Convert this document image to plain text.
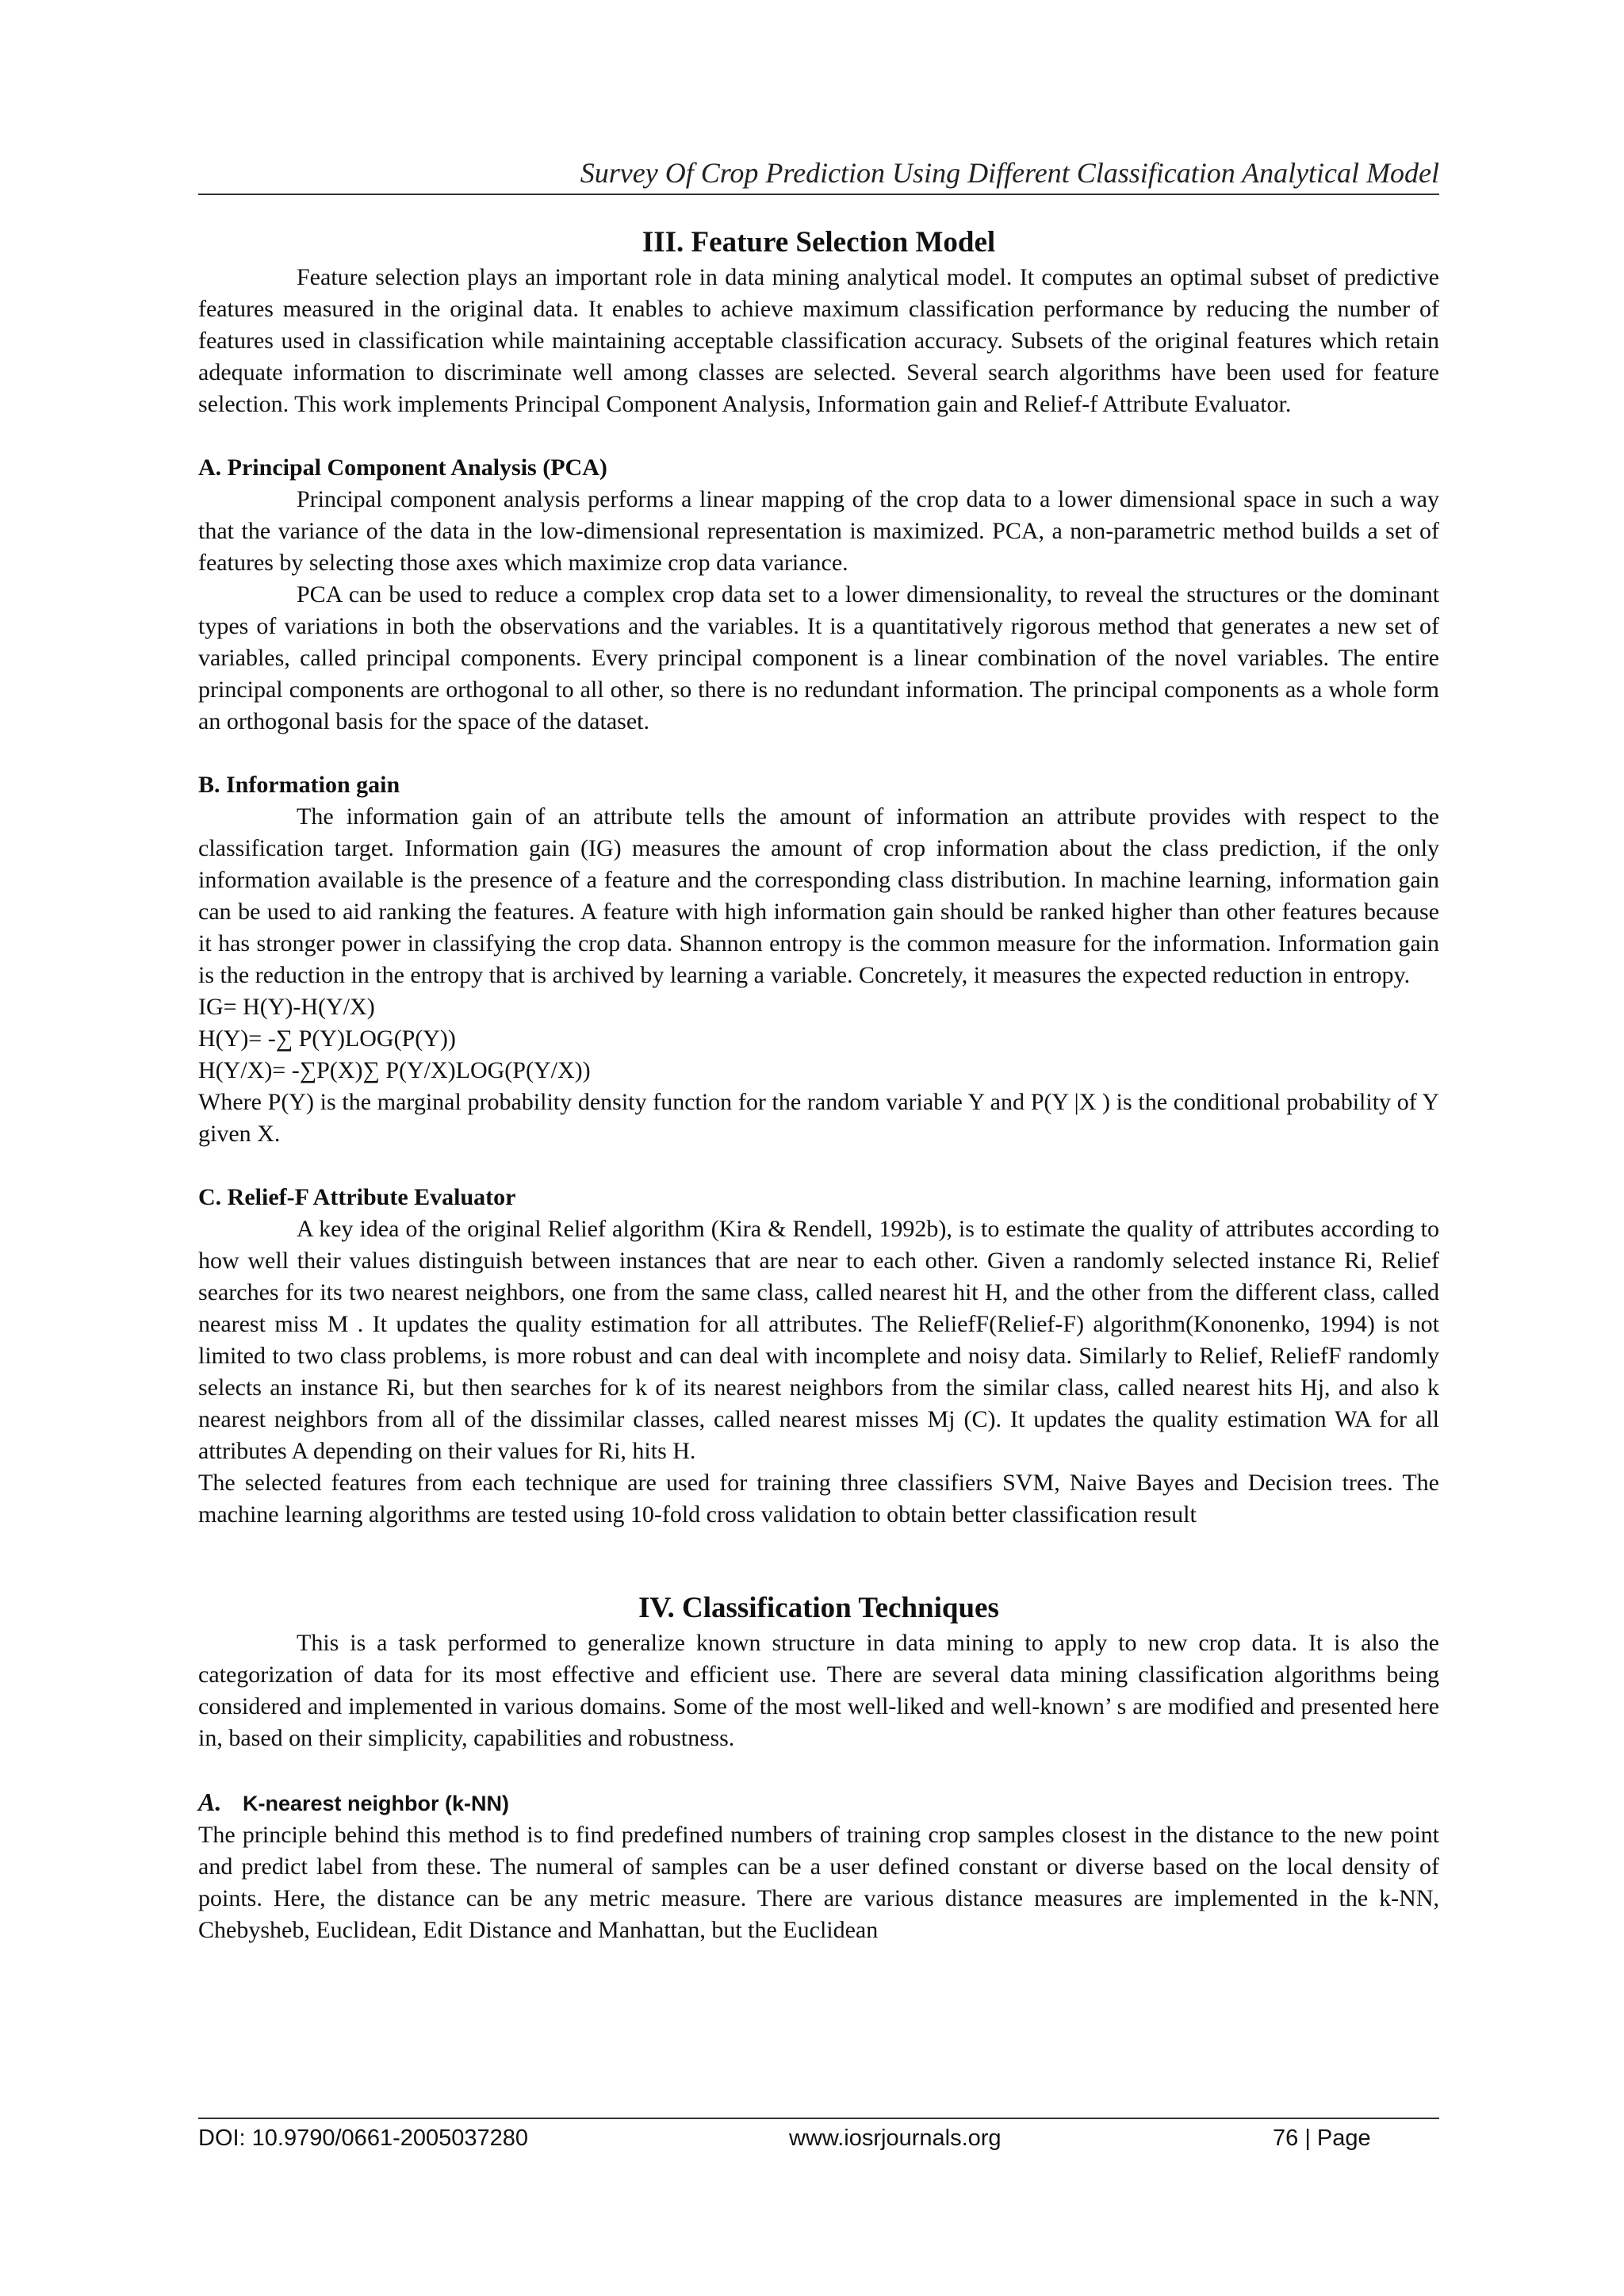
Survey Of Crop Prediction Using Different Classification Analytical Model
III. Feature Selection Model

Feature selection plays an important role in data mining analytical model. It computes an optimal subset of predictive features measured in the original data. It enables to achieve maximum classification performance by reducing the number of features used in classification while maintaining acceptable classification accuracy. Subsets of the original features which retain adequate information to discriminate well among classes are selected. Several search algorithms have been used for feature selection. This work implements Principal Component Analysis, Information gain and Relief-f Attribute Evaluator.

A. Principal Component Analysis (PCA)

Principal component analysis performs a linear mapping of the crop data to a lower dimensional space in such a way that the variance of the data in the low-dimensional representation is maximized. PCA, a non-parametric method builds a set of features by selecting those axes which maximize crop data variance.

PCA can be used to reduce a complex crop data set to a lower dimensionality, to reveal the structures or the dominant types of variations in both the observations and the variables. It is a quantitatively rigorous method that generates a new set of variables, called principal components. Every principal component is a linear combination of the novel variables. The entire principal components are orthogonal to all other, so there is no redundant information. The principal components as a whole form an orthogonal basis for the space of the dataset.

B. Information gain

The information gain of an attribute tells the amount of information an attribute provides with respect to the classification target. Information gain (IG) measures the amount of crop information about the class prediction, if the only information available is the presence of a feature and the corresponding class distribution. In machine learning, information gain can be used to aid ranking the features. A feature with high information gain should be ranked higher than other features because it has stronger power in classifying the crop data. Shannon entropy is the common measure for the information. Information gain is the reduction in the entropy that is archived by learning a variable. Concretely, it measures the expected reduction in entropy.

IG= H(Y)-H(Y/X)
H(Y)= -∑ P(Y)LOG(P(Y))
H(Y/X)= -∑P(X)∑ P(Y/X)LOG(P(Y/X))

Where P(Y) is the marginal probability density function for the random variable Y and P(Y |X ) is the conditional probability of Y given X.

C. Relief-F Attribute Evaluator

A key idea of the original Relief algorithm (Kira & Rendell, 1992b), is to estimate the quality of attributes according to how well their values distinguish between instances that are near to each other. Given a randomly selected instance Ri, Relief searches for its two nearest neighbors, one from the same class, called nearest hit H, and the other from the different class, called nearest miss M . It updates the quality estimation for all attributes. The ReliefF(Relief-F) algorithm(Kononenko, 1994) is not limited to two class problems, is more robust and can deal with incomplete and noisy data. Similarly to Relief, ReliefF randomly selects an instance Ri, but then searches for k of its nearest neighbors from the similar class, called nearest hits Hj, and also k nearest neighbors from all of the dissimilar classes, called nearest misses Mj (C). It updates the quality estimation WA for all attributes A depending on their values for Ri, hits H.

The selected features from each technique are used for training three classifiers SVM, Naive Bayes and Decision trees. The machine learning algorithms are tested using 10-fold cross validation to obtain better classification result

IV. Classification Techniques

This is a task performed to generalize known structure in data mining to apply to new crop data. It is also the categorization of data for its most effective and efficient use. There are several data mining classification algorithms being considered and implemented in various domains. Some of the most well-liked and well-known’ s are modified and presented here in, based on their simplicity, capabilities and robustness.

A. K-nearest neighbor (k-NN)

The principle behind this method is to find predefined numbers of training crop samples closest in the distance to the new point and predict label from these. The numeral of samples can be a user defined constant or diverse based on the local density of points. Here, the distance can be any metric measure. There are various distance measures are implemented in the k-NN, Chebysheb, Euclidean, Edit Distance and Manhattan, but the Euclidean

DOI: 10.9790/0661-2005037280	www.iosrjournals.org	76 | Page
